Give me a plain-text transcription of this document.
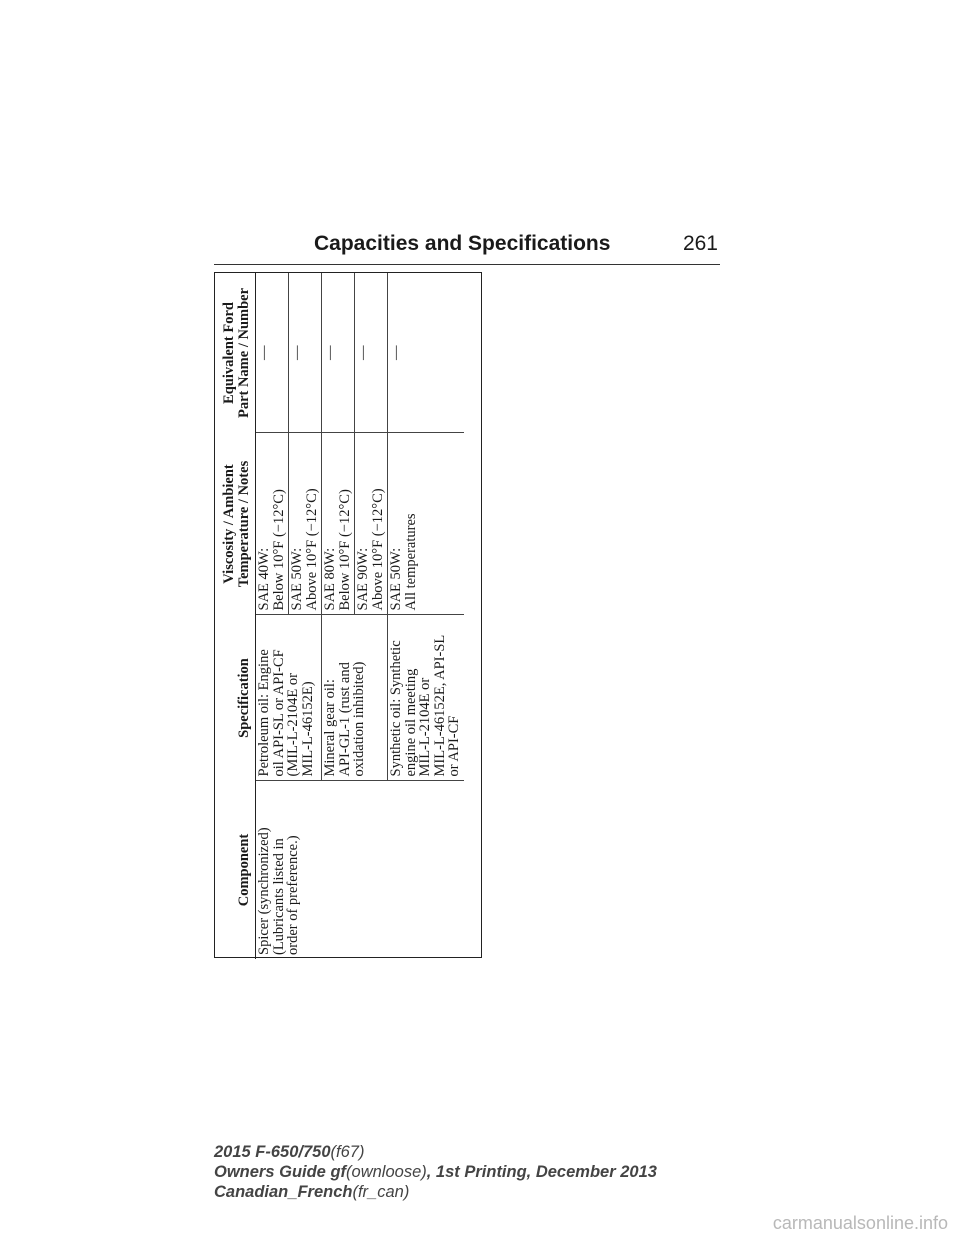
Capacities and Specifications	261
Component	Specification	Viscosity / Ambient
Temperature / Notes	Equivalent Ford
Part Name / Number

Spicer (synchronized)
(Lubricants listed in
order of preference.)	Petroleum oil: Engine
oil API-SL or API-CF
(MIL-L-2104E or
MIL-L-46152E)	SAE 40W:
Below 10°F (−12°C)	—

		SAE 50W:
Above 10°F (−12°C)	—

	Mineral gear oil:
API-GL-1 (rust and
oxidation inhibited)	SAE 80W:
Below 10°F (−12°C)	—

		SAE 90W:
Above 10°F (−12°C)	—

	Synthetic oil: Synthetic
engine oil meeting
MIL-L-2104E or
MIL-L-46152E, API-SL
or API-CF	SAE 50W:
All temperatures	—
2015 F-650/750(f67)
Owners Guide gf(ownloose), 1st Printing, December 2013
Canadian_French(fr_can)
carmanualsonline.info
